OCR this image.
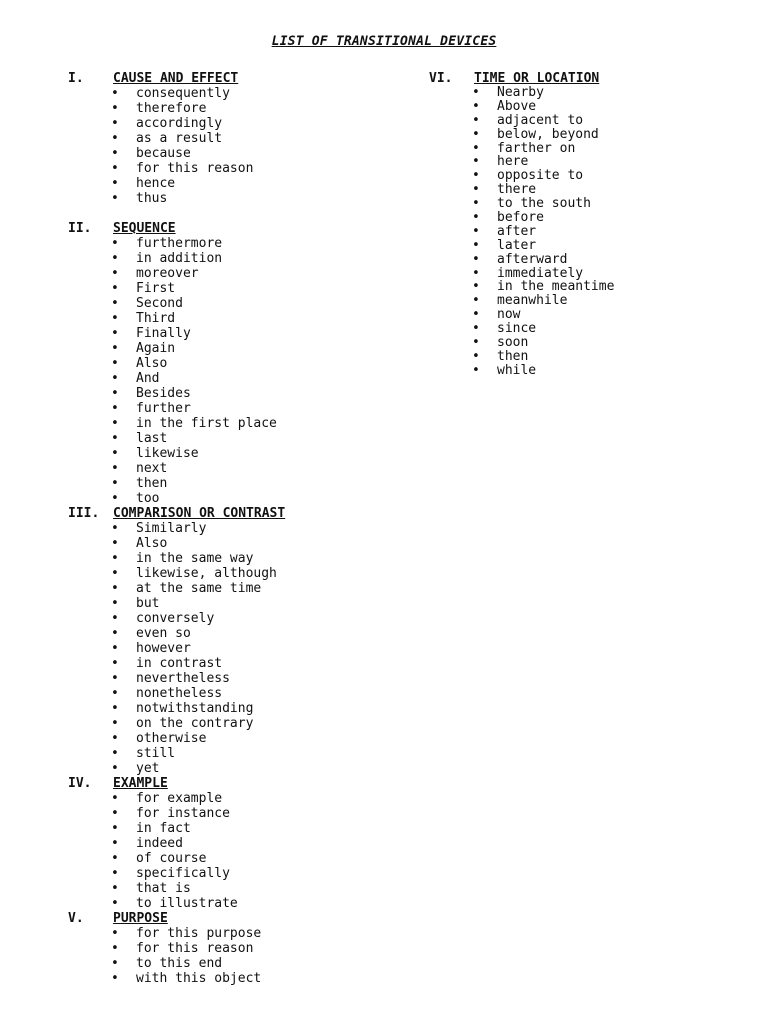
LIST OF TRANSITIONAL DEVICES
I. CAUSE AND EFFECT
• consequently
• therefore
• accordingly
• as a result
• because
• for this reason
• hence
• thus
II. SEQUENCE
• furthermore
• in addition
• moreover
• First
• Second
• Third
• Finally
• Again
• Also
• And
• Besides
• further
• in the first place
• last
• likewise
• next
• then
• too
III. COMPARISON OR CONTRAST
• Similarly
• Also
• in the same way
• likewise, although
• at the same time
• but
• conversely
• even so
• however
• in contrast
• nevertheless
• nonetheless
• notwithstanding
• on the contrary
• otherwise
• still
• yet
IV. EXAMPLE
• for example
• for instance
• in fact
• indeed
• of course
• specifically
• that is
• to illustrate
V. PURPOSE
• for this purpose
• for this reason
• to this end
• with this object
VI. TIME OR LOCATION
• Nearby
• Above
• adjacent to
• below, beyond
• farther on
• here
• opposite to
• there
• to the south
• before
• after
• later
• afterward
• immediately
• in the meantime
• meanwhile
• now
• since
• soon
• then
• while
